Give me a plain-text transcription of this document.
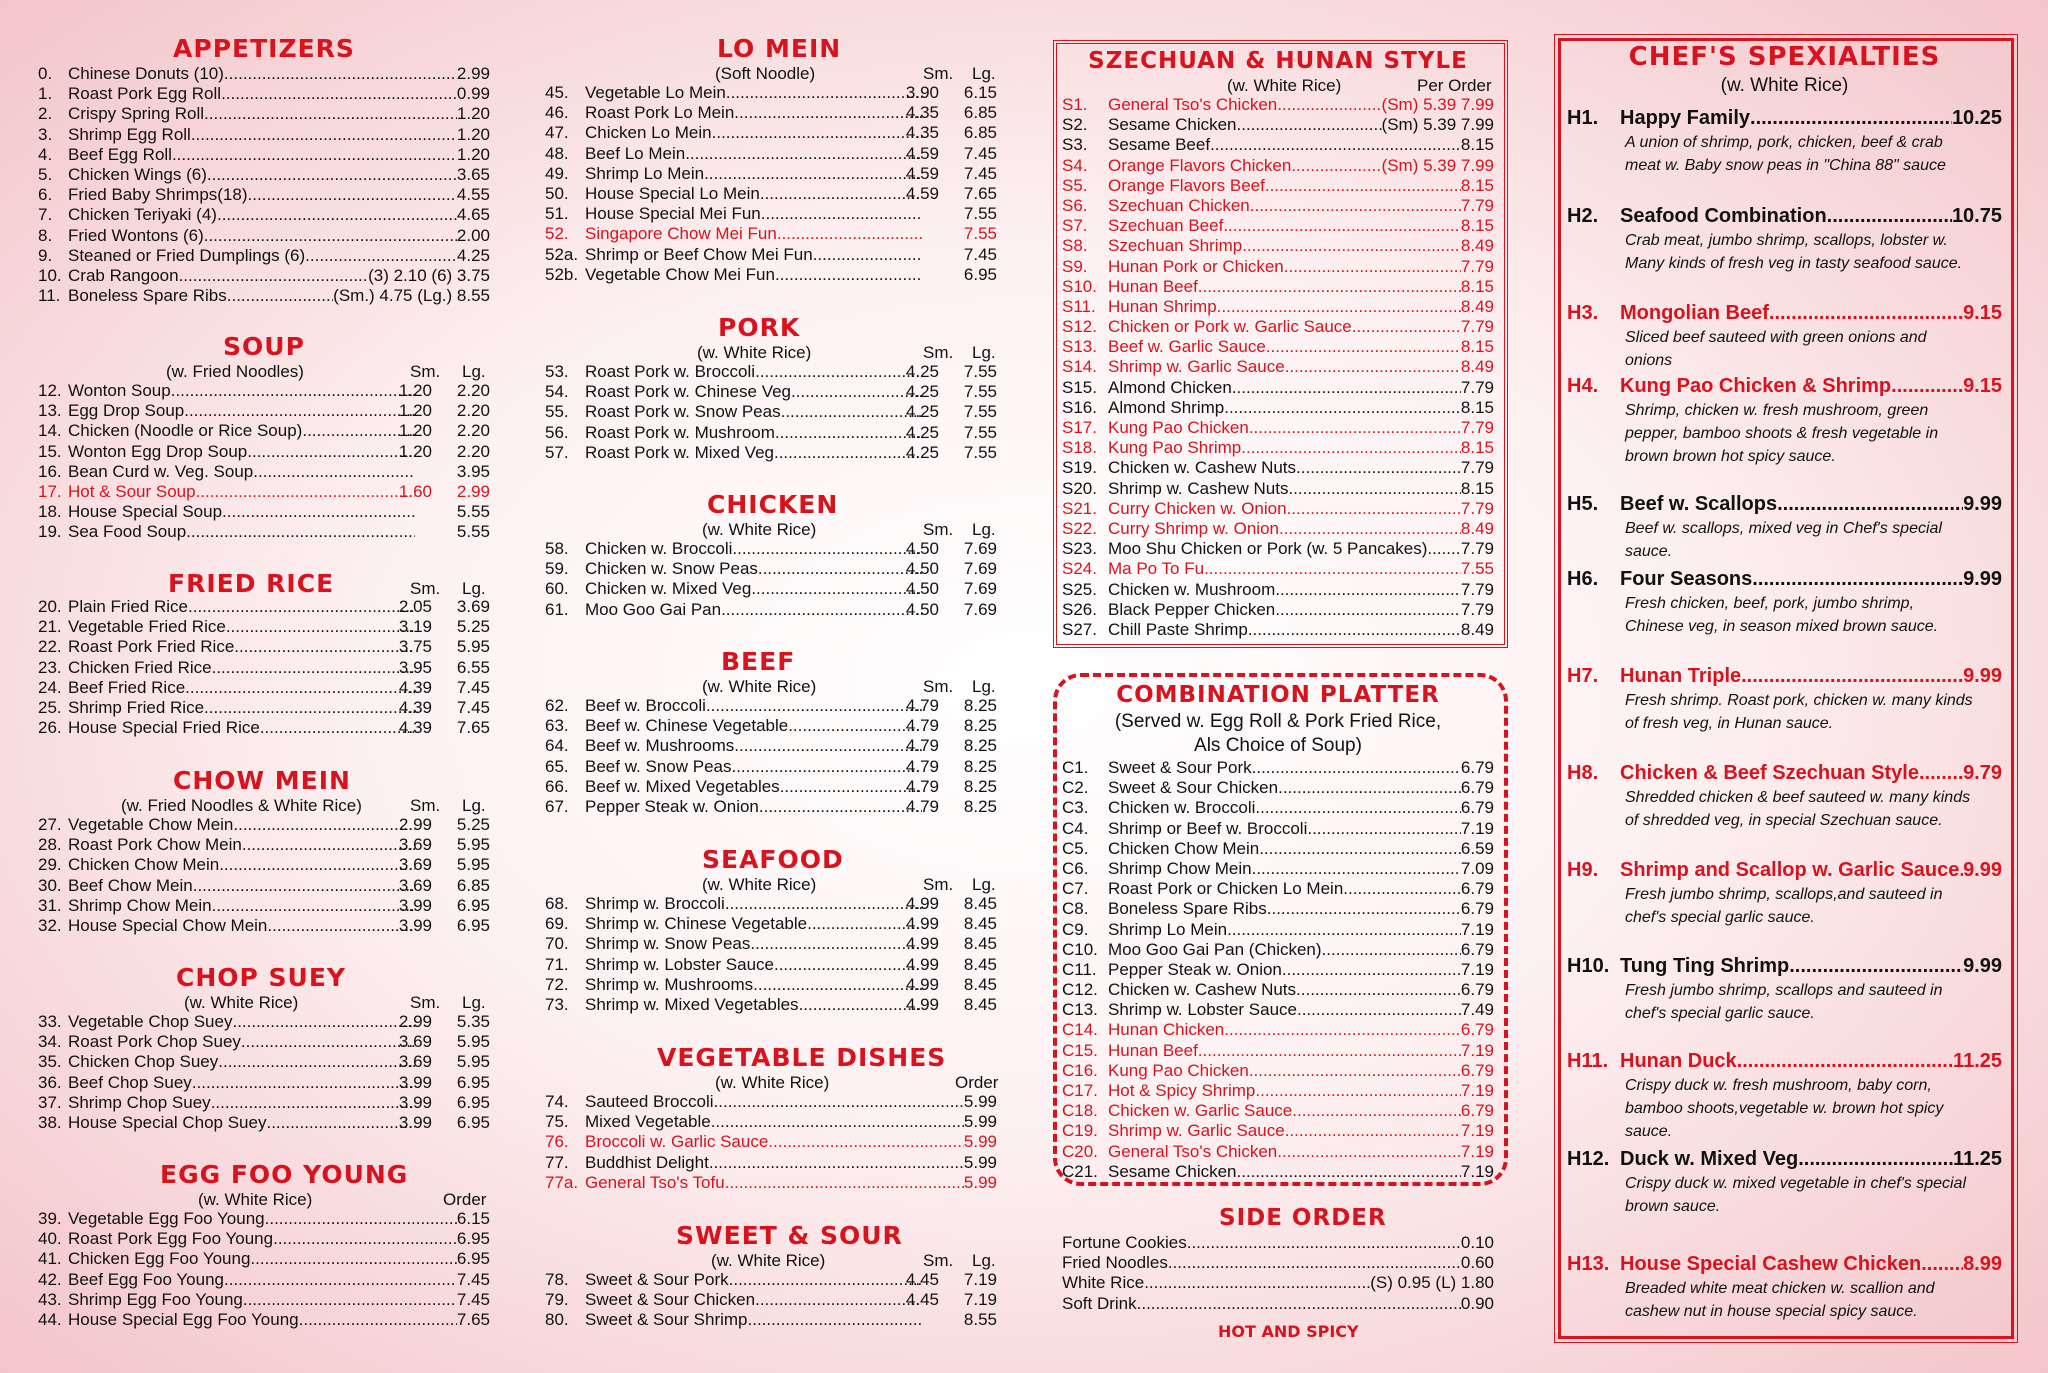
APPETIZERS
0. Chinese Donuts (10) .....	2.99
1. Roast Pork Egg Roll .....	0.99
2. Crispy Spring Roll .....	1.20
3. Shrimp Egg Roll .....	1.20
4. Beef Egg Roll .....	1.20
5. Chicken Wings (6) .....	3.65
6. Fried Baby Shrimps(18) .....	4.55
7. Chicken Teriyaki (4) .....	4.65
8. Fried Wontons (6) .....	2.00
9. Steaned or Fried Dumplings (6) .....	4.25
10. Crab Rangoon .....	(3) 2.10 (6) 3.75
11. Boneless Spare Ribs .....	(Sm.) 4.75 (Lg.) 8.55
SOUP
(w. Fried Noodles)	Sm. Lg.
12. Wonton Soup .....	1.20 2.20
13. Egg Drop Soup .....	1.20 2.20
14. Chicken (Noodle or Rice Soup) .....	1.20 2.20
15. Wonton Egg Drop Soup .....	1.20 2.20
16. Bean Curd w. Veg. Soup .....	3.95
17. Hot & Sour Soup .....	1.60 2.99
18. House Special Soup .....	5.55
19. Sea Food Soup .....	5.55
FRIED RICE	Sm. Lg.
20. Plain Fried Rice .....	2.05 3.69
21. Vegetable Fried Rice .....	3.19 5.25
22. Roast Pork Fried Rice .....	3.75 5.95
23. Chicken Fried Rice .....	3.95 6.55
24. Beef Fried Rice .....	4.39 7.45
25. Shrimp Fried Rice .....	4.39 7.45
26. House Special Fried Rice .....	4.39 7.65
CHOW MEIN
(w. Fried Noodles & White Rice)	Sm. Lg.
27. Vegetable Chow Mein .....	2.99 5.25
28. Roast Pork Chow Mein .....	3.69 5.95
29. Chicken Chow Mein .....	3.69 5.95
30. Beef Chow Mein .....	3.69 6.85
31. Shrimp Chow Mein .....	3.99 6.95
32. House Special Chow Mein .....	3.99 6.95
CHOP SUEY
(w. White Rice)	Sm. Lg.
33. Vegetable Chop Suey .....	2.99 5.35
34. Roast Pork Chop Suey .....	3.69 5.95
35. Chicken Chop Suey .....	3.69 5.95
36. Beef Chop Suey .....	3.99 6.95
37. Shrimp Chop Suey .....	3.99 6.95
38. House Special Chop Suey .....	3.99 6.95
EGG FOO YOUNG
(w. White Rice)	Order
39. Vegetable Egg Foo Young .....	6.15
40. Roast Pork Egg Foo Young .....	6.95
41. Chicken Egg Foo Young .....	6.95
42. Beef Egg Foo Young .....	7.45
43. Shrimp Egg Foo Young .....	7.45
44. House Special Egg Foo Young .....	7.65
LO MEIN
(Soft Noodle)	Sm. Lg.
45. Vegetable Lo Mein .....	3.90 6.15
46. Roast Pork Lo Mein .....	4.35 6.85
47. Chicken Lo Mein .....	4.35 6.85
48. Beef Lo Mein .....	4.59 7.45
49. Shrimp Lo Mein .....	4.59 7.45
50. House Special Lo Mein .....	4.59 7.65
51. House Special Mei Fun .....	7.55
52. Singapore Chow Mei Fun .....	7.55
52a. Shrimp or Beef Chow Mei Fun .....	7.45
52b. Vegetable Chow Mei Fun .....	6.95
PORK
(w. White Rice)	Sm. Lg.
53. Roast Pork w. Broccoli .....	4.25 7.55
54. Roast Pork w. Chinese Veg .....	4.25 7.55
55. Roast Pork w. Snow Peas .....	4.25 7.55
56. Roast Pork w. Mushroom .....	4.25 7.55
57. Roast Pork w. Mixed Veg .....	4.25 7.55
CHICKEN
(w. White Rice)	Sm. Lg.
58. Chicken w. Broccoli .....	4.50 7.69
59. Chicken w. Snow Peas .....	4.50 7.69
60. Chicken w. Mixed Veg .....	4.50 7.69
61. Moo Goo Gai Pan .....	4.50 7.69
BEEF
(w. White Rice)	Sm. Lg.
62. Beef w. Broccoli .....	4.79 8.25
63. Beef w. Chinese Vegetable .....	4.79 8.25
64. Beef w. Mushrooms .....	4.79 8.25
65. Beef w. Snow Peas .....	4.79 8.25
66. Beef w. Mixed Vegetables .....	4.79 8.25
67. Pepper Steak w. Onion .....	4.79 8.25
SEAFOOD
(w. White Rice)	Sm. Lg.
68. Shrimp w. Broccoli .....	4.99 8.45
69. Shrimp w. Chinese Vegetable .....	4.99 8.45
70. Shrimp w. Snow Peas .....	4.99 8.45
71. Shrimp w. Lobster Sauce .....	4.99 8.45
72. Shrimp w. Mushrooms .....	4.99 8.45
73. Shrimp w. Mixed Vegetables .....	4.99 8.45
VEGETABLE DISHES
(w. White Rice)	Order
74. Sauteed Broccoli .....	5.99
75. Mixed Vegetable .....	5.99
76. Broccoli w. Garlic Sauce .....	5.99
77. Buddhist Delight .....	5.99
77a. General Tso's Tofu .....	5.99
SWEET & SOUR
(w. White Rice)	Sm. Lg.
78. Sweet & Sour Pork .....	4.45 7.19
79. Sweet & Sour Chicken .....	4.45 7.19
80. Sweet & Sour Shrimp .....	8.55
SZECHUAN & HUNAN STYLE
(w. White Rice)	Per Order
S1. General Tso's Chicken .....	(Sm) 5.39 7.99
S2. Sesame Chicken .....	(Sm) 5.39 7.99
S3. Sesame Beef .....	8.15
S4. Orange Flavors Chicken .....	(Sm) 5.39 7.99
S5. Orange Flavors Beef .....	8.15
S6. Szechuan Chicken .....	7.79
S7. Szechuan Beef .....	8.15
S8. Szechuan Shrimp .....	8.49
S9. Hunan Pork or Chicken .....	7.79
S10. Hunan Beef .....	8.15
S11. Hunan Shrimp .....	8.49
S12. Chicken or Pork w. Garlic Sauce .....	7.79
S13. Beef w. Garlic Sauce .....	8.15
S14. Shrimp w. Garlic Sauce .....	8.49
S15. Almond Chicken .....	7.79
S16. Almond Shrimp .....	8.15
S17. Kung Pao Chicken .....	7.79
S18. Kung Pao Shrimp .....	8.15
S19. Chicken w. Cashew Nuts .....	7.79
S20. Shrimp w. Cashew Nuts .....	8.15
S21. Curry Chicken w. Onion .....	7.79
S22. Curry Shrimp w. Onion .....	8.49
S23. Moo Shu Chicken or Pork (w. 5 Pancakes) ..... 7.79
S24. Ma Po To Fu .....	7.55
S25. Chicken w. Mushroom .....	7.79
S26. Black Pepper Chicken .....	7.79
S27. Chill Paste Shrimp .....	8.49
COMBINATION PLATTER
(Served w. Egg Roll & Pork Fried Rice,
Als Choice of Soup)
C1. Sweet & Sour Pork .....	6.79
C2. Sweet & Sour Chicken .....	6.79
C3. Chicken w. Broccoli .....	6.79
C4. Shrimp or Beef w. Broccoli .....	7.19
C5. Chicken Chow Mein .....	6.59
C6. Shrimp Chow Mein .....	7.09
C7. Roast Pork or Chicken Lo Mein .....	6.79
C8. Boneless Spare Ribs .....	6.79
C9. Shrimp Lo Mein .....	7.19
C10. Moo Goo Gai Pan (Chicken) .....	6.79
C11. Pepper Steak w. Onion .....	7.19
C12. Chicken w. Cashew Nuts .....	6.79
C13. Shrimp w. Lobster Sauce .....	7.49
C14. Hunan Chicken .....	6.79
C15. Hunan Beef .....	7.19
C16. Kung Pao Chicken .....	6.79
C17. Hot & Spicy Shrimp .....	7.19
C18. Chicken w. Garlic Sauce .....	6.79
C19. Shrimp w. Garlic Sauce .....	7.19
C20. General Tso's Chicken .....	7.19
C21. Sesame Chicken .....	7.19
SIDE ORDER
Fortune Cookies .....	0.10
Fried Noodles .....	0.60
White Rice .....	(S) 0.95 (L) 1.80
Soft Drink .....	0.90
HOT AND SPICY
CHEF'S SPEXIALTIES
(w. White Rice)
H1. Happy Family .....	10.25
A union of shrimp, pork, chicken, beef & crab meat w. Baby snow peas in "China 88" sauce
H2. Seafood Combination .....	10.75
Crab meat, jumbo shrimp, scallops, lobster w. Many kinds of fresh veg in tasty seafood sauce.
H3. Mongolian Beef .....	9.15
Sliced beef sauteed with green onions and onions
H4. Kung Pao Chicken & Shrimp .....	9.15
Shrimp, chicken w. fresh mushroom, green pepper, bamboo shoots & fresh vegetable in brown brown hot spicy sauce.
H5. Beef w. Scallops .....	9.99
Beef w. scallops, mixed veg in Chef's special sauce.
H6. Four Seasons .....	9.99
Fresh chicken, beef, pork, jumbo shrimp, Chinese veg, in season mixed brown sauce.
H7. Hunan Triple .....	9.99
Fresh shrimp. Roast pork, chicken w. many kinds of fresh veg, in Hunan sauce.
H8. Chicken & Beef Szechuan Style ..... 9.79
Shredded chicken & beef sauteed w. many kinds of shredded veg, in special Szechuan sauce.
H9. Shrimp and Scallop w. Garlic Sauce ..... 9.99
Fresh jumbo shrimp, scallops,and sauteed in chef's special garlic sauce.
H10. Tung Ting Shrimp .....	9.99
Fresh jumbo shrimp, scallops and sauteed in chef's special garlic sauce.
H11. Hunan Duck .....	11.25
Crispy duck w. fresh mushroom, baby corn, bamboo shoots,vegetable w. brown hot spicy sauce.
H12. Duck w. Mixed Veg .....	11.25
Crispy duck w. mixed vegetable in chef's special brown sauce.
H13. House Special Cashew Chicken ..... 8.99
Breaded white meat chicken w. scallion and cashew nut in house special spicy sauce.
